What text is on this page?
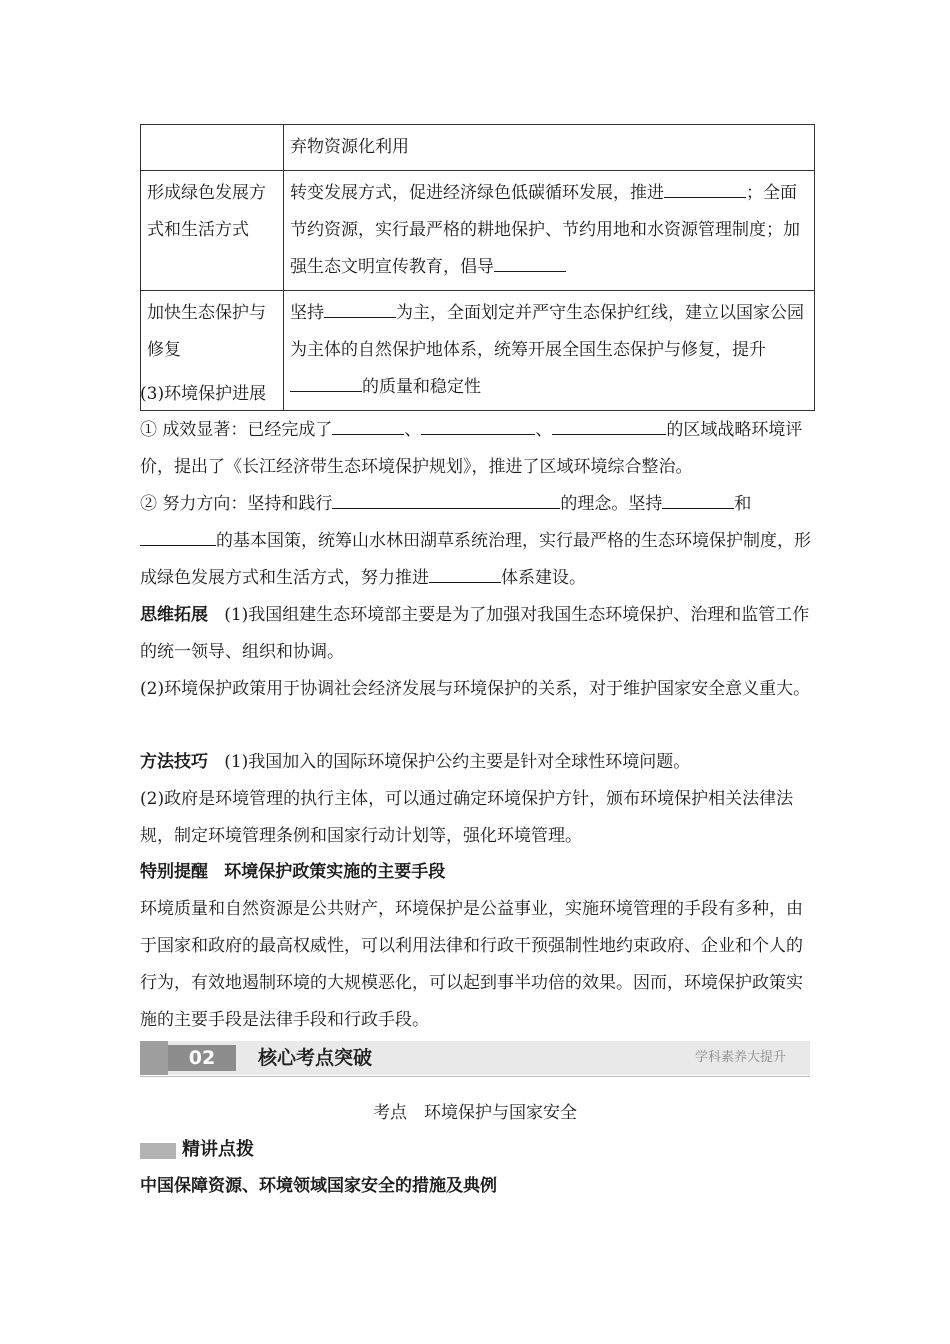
	弃物资源化利用
形成绿色发展方式和生活方式	转变发展方式，促进经济绿色低碳循环发展，推进 ；全面节约资源，实行最严格的耕地保护、节约用地和水资源管理制度；加强生态文明宣传教育，倡导
加快生态保护与修复	坚持 为主，全面划定并严守生态保护红线，建立以国家公园为主体的自然保护地体系，统筹开展全国生态保护与修复，提升的质量和稳定性
(3)环境保护进展
① 成效显著：已经完成了	、	、	的区域战略环境评价，提出了《长江经济带生态环境保护规划》，推进了区域环境综合整治。
② 努力方向：坚持和践行	的理念。坚持	和的基本国策，统筹山水林田湖草系统治理，实行最严格的生态环境保护制度，形成绿色发展方式和生活方式，努力推进	体系建设。
思维拓展 (1)我国组建生态环境部主要是为了加强对我国生态环境保护、治理和监管工作的统一领导、组织和协调。
(2)环境保护政策用于协调社会经济发展与环境保护的关系，对于维护国家安全意义重大。
方法技巧 (1)我国加入的国际环境保护公约主要是针对全球性环境问题。
(2)政府是环境管理的执行主体，可以通过确定环境保护方针，颁布环境保护相关法律法规，制定环境管理条例和国家行动计划等，强化环境管理。
特别提醒 环境保护政策实施的主要手段
环境质量和自然资源是公共财产，环境保护是公益事业，实施环境管理的手段有多种，由于国家和政府的最高权威性，可以利用法律和行政干预强制性地约束政府、企业和个人的行为，有效地遏制环境的大规模恶化，可以起到事半功倍的效果。因而，环境保护政策实施的主要手段是法律手段和行政手段。
02	核心考点突破	学科素养大提升
考点　环境保护与国家安全
精讲点拨
中国保障资源、环境领域国家安全的措施及典例
